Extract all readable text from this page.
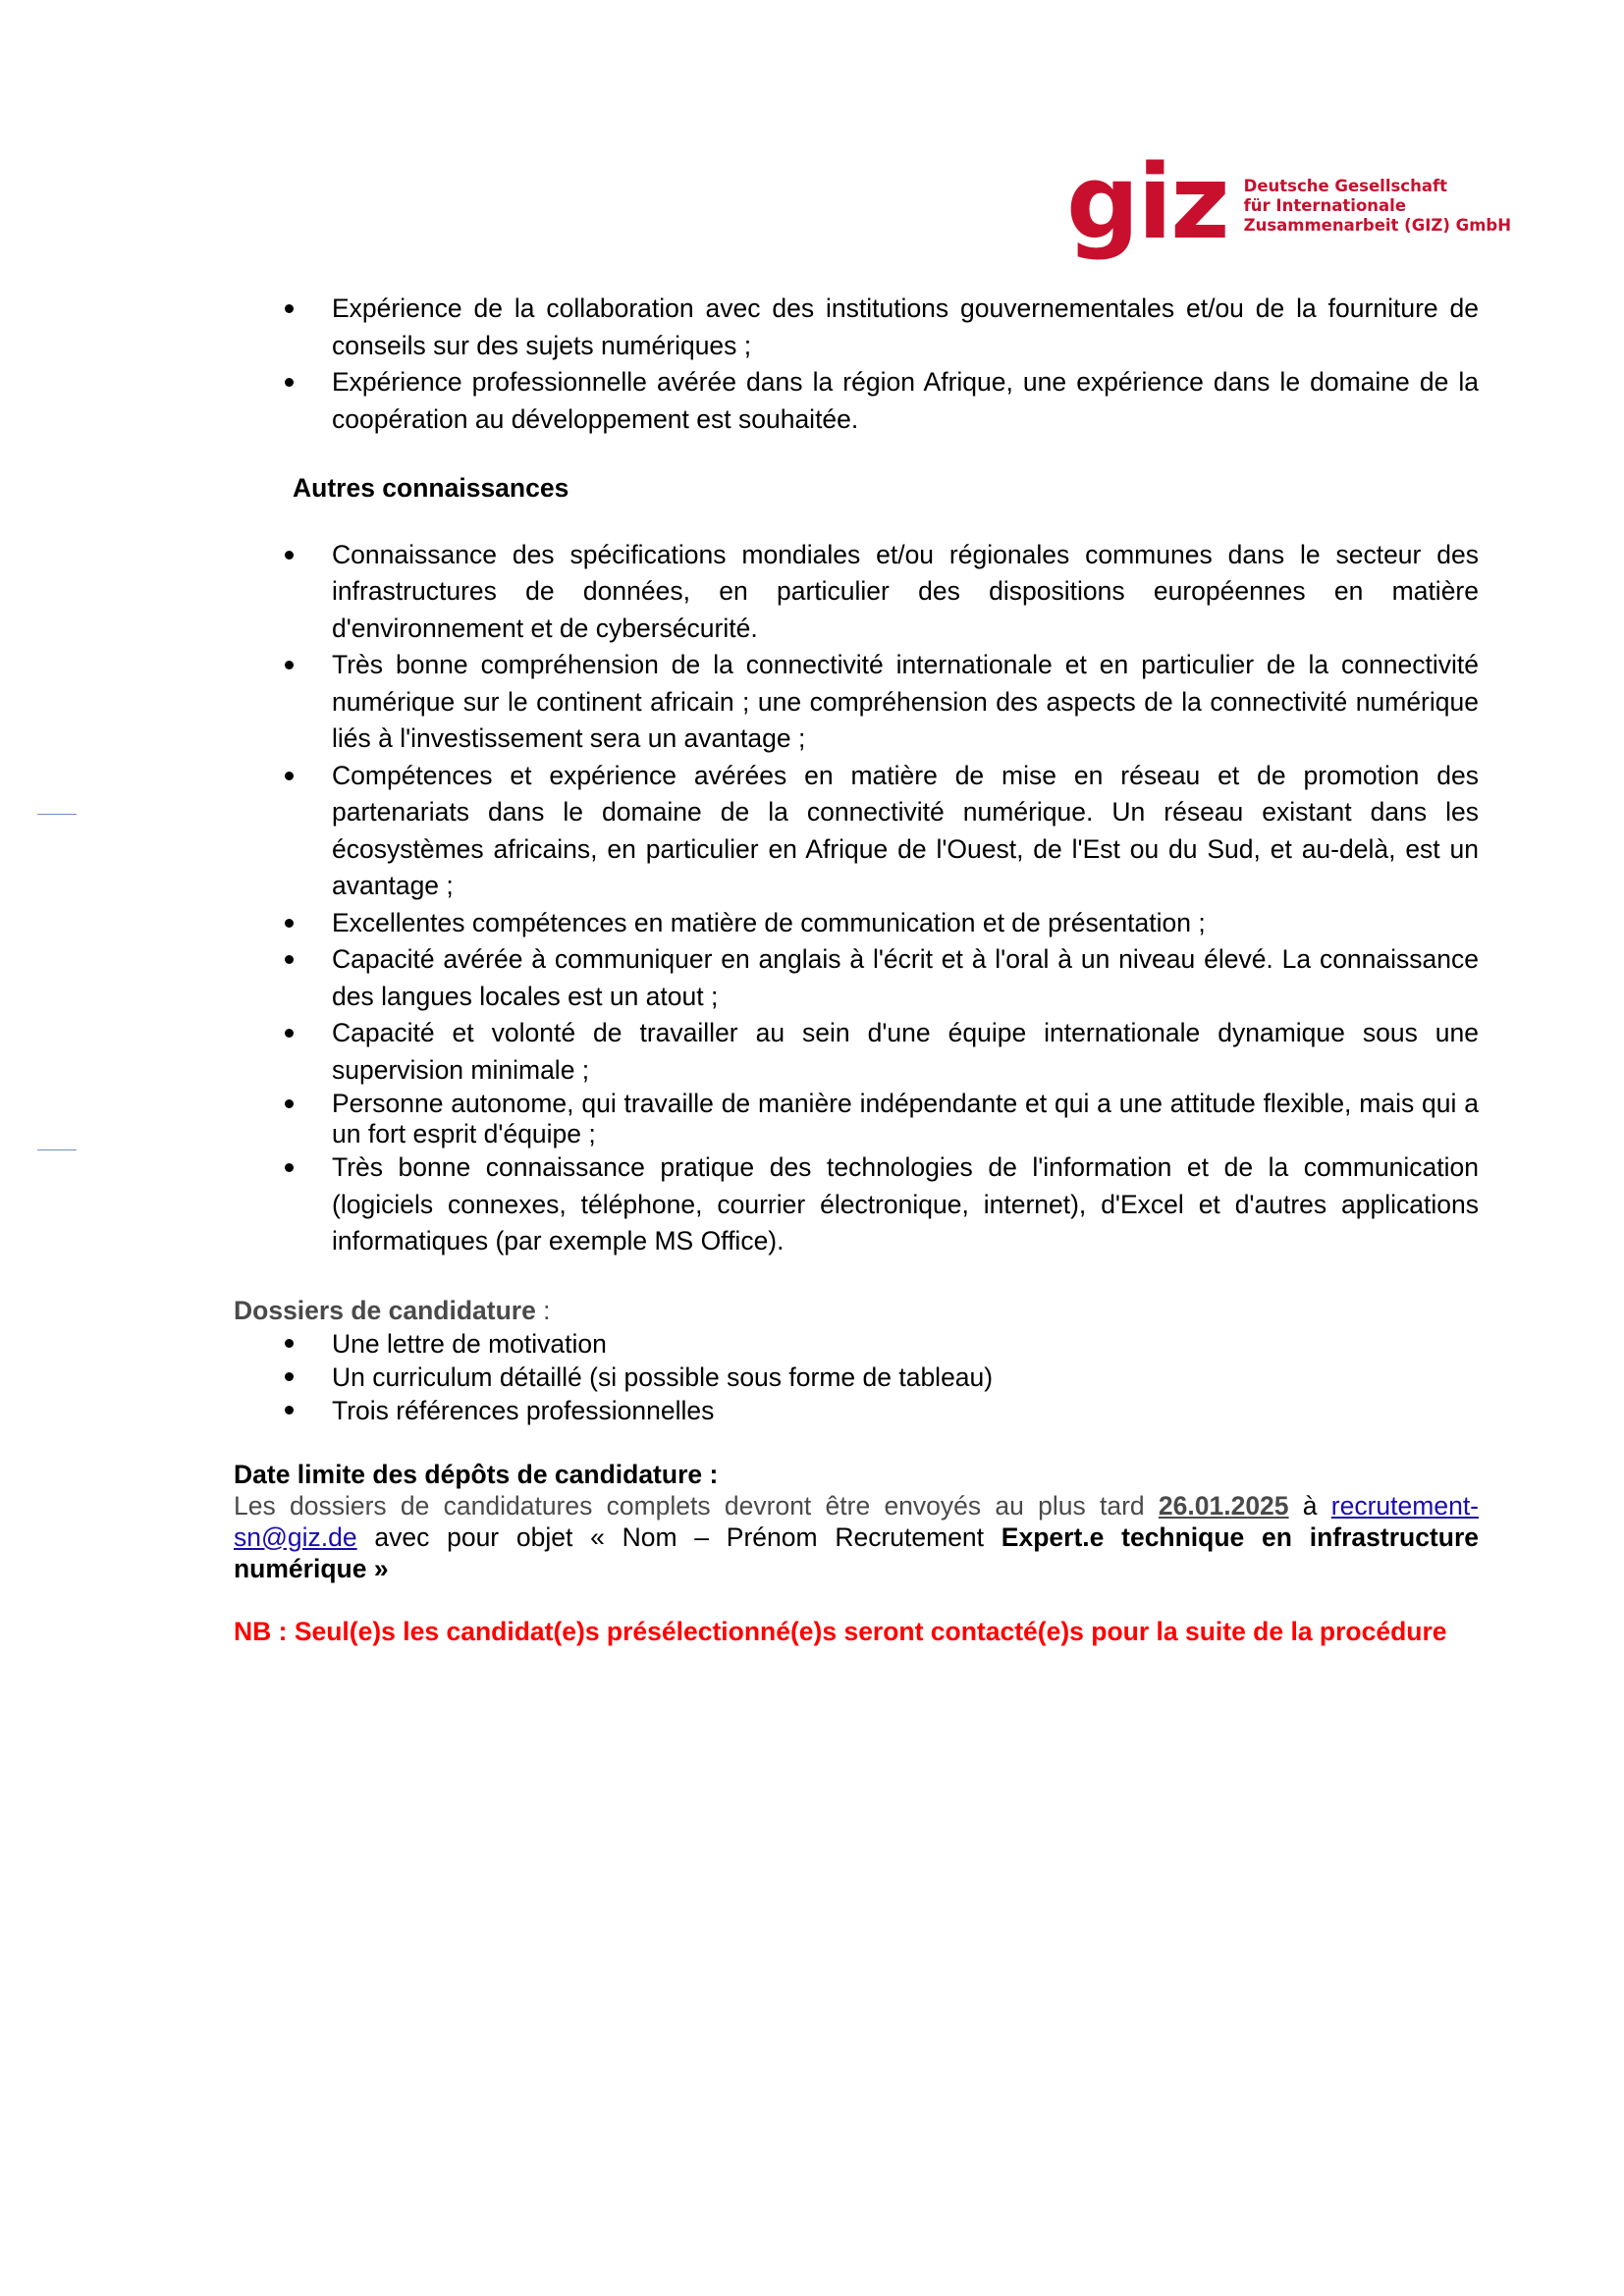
giz Deutsche Gesellschaft
für Internationale
Zusammenarbeit (GIZ) GmbH
Expérience de la collaboration avec des institutions gouvernementales et/ou de la fourniture de conseils sur des sujets numériques ;
Expérience professionnelle avérée dans la région Afrique, une expérience dans le domaine de la coopération au développement est souhaitée.
Autres connaissances
Connaissance des spécifications mondiales et/ou régionales communes dans le secteur des infrastructures de données, en particulier des dispositions européennes en matière d'environnement et de cybersécurité.
Très bonne compréhension de la connectivité internationale et en particulier de la connectivité numérique sur le continent africain ; une compréhension des aspects de la connectivité numérique liés à l'investissement sera un avantage ;
Compétences et expérience avérées en matière de mise en réseau et de promotion des partenariats dans le domaine de la connectivité numérique. Un réseau existant dans les écosystèmes africains, en particulier en Afrique de l'Ouest, de l'Est ou du Sud, et au-delà, est un avantage ;
Excellentes compétences en matière de communication et de présentation ;
Capacité avérée à communiquer en anglais à l'écrit et à l'oral à un niveau élevé. La connaissance des langues locales est un atout ;
Capacité et volonté de travailler au sein d'une équipe internationale dynamique sous une supervision minimale ;
Personne autonome, qui travaille de manière indépendante et qui a une attitude flexible, mais qui a un fort esprit d'équipe ;
Très bonne connaissance pratique des technologies de l'information et de la communication (logiciels connexes, téléphone, courrier électronique, internet), d'Excel et d'autres applications informatiques (par exemple MS Office).
Dossiers de candidature :
Une lettre de motivation
Un curriculum détaillé (si possible sous forme de tableau)
Trois références professionnelles
Date limite des dépôts de candidature :

Les dossiers de candidatures complets devront être envoyés au plus tard 26.01.2025 à recrutement-sn@giz.de avec pour objet « Nom – Prénom Recrutement Expert.e technique en infrastructure numérique »

NB : Seul(e)s les candidat(e)s présélectionné(e)s seront contacté(e)s pour la suite de la procédure
